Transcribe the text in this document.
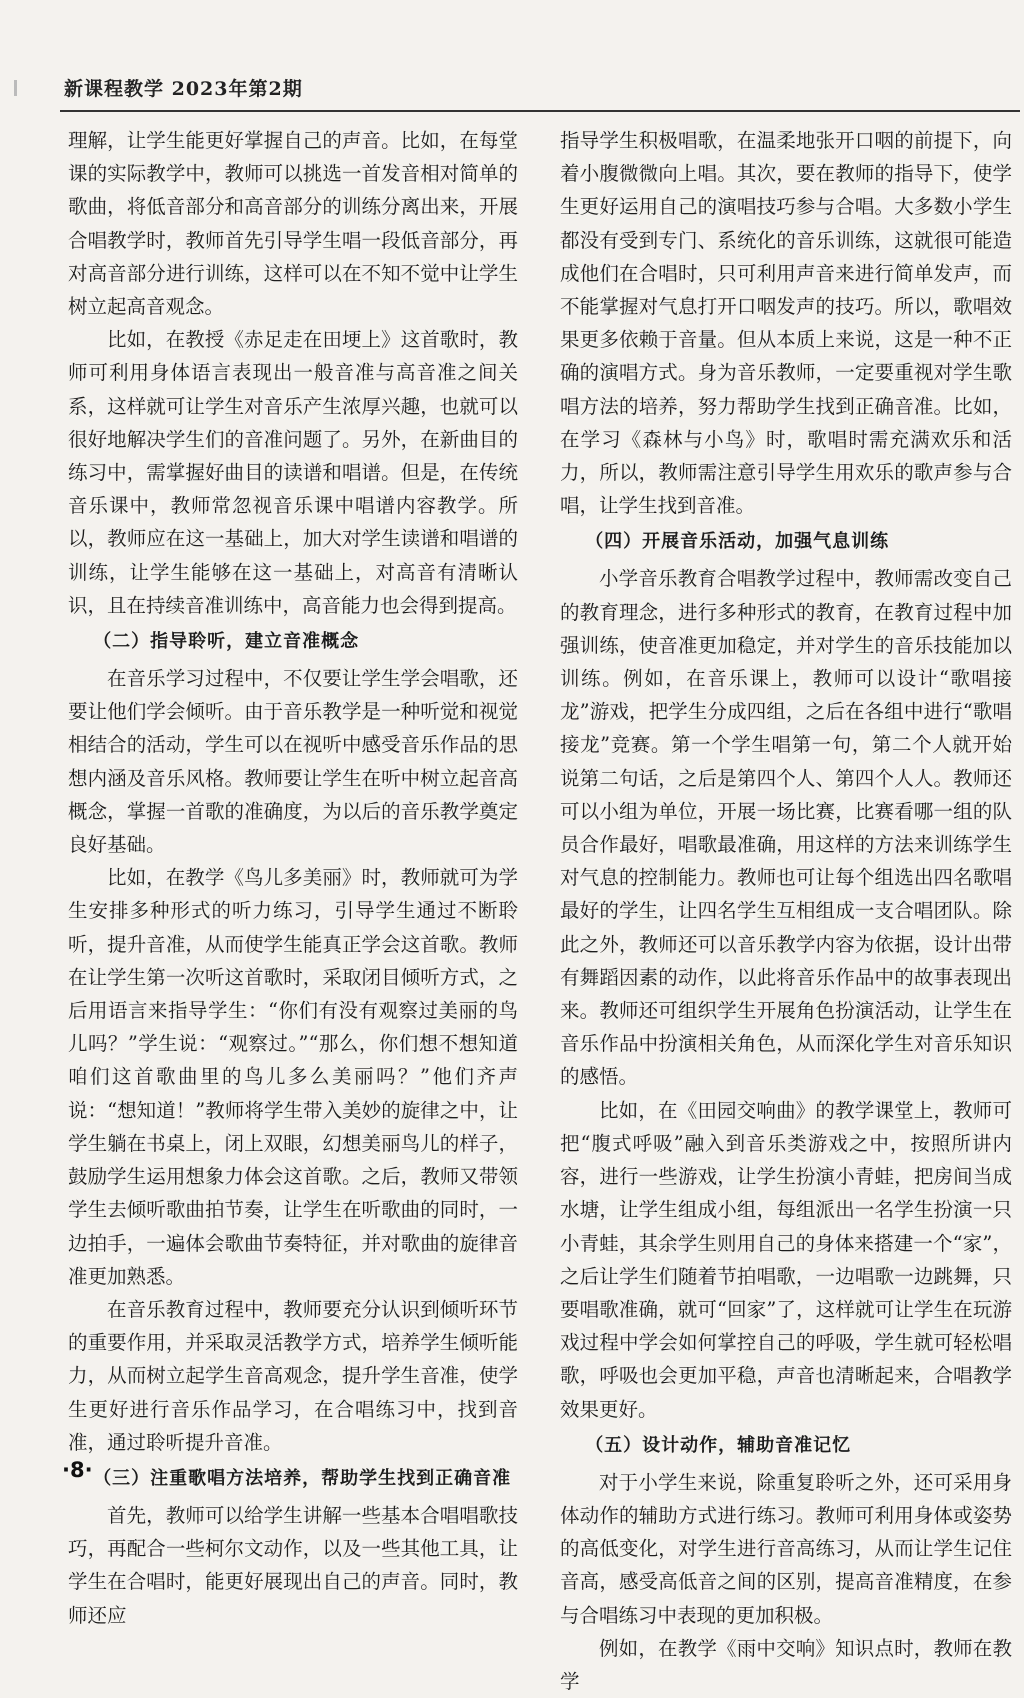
新课程教学 2023年第2期

理解，让学生能更好掌握自己的声音。比如，在每堂课的实际教学中，教师可以挑选一首发音相对简单的歌曲，将低音部分和高音部分的训练分离出来，开展合唱教学时，教师首先引导学生唱一段低音部分，再对高音部分进行训练，这样可以在不知不觉中让学生树立起高音观念。

比如，在教授《赤足走在田埂上》这首歌时，教师可利用身体语言表现出一般音准与高音准之间关系，这样就可让学生对音乐产生浓厚兴趣，也就可以很好地解决学生们的音准问题了。另外，在新曲目的练习中，需掌握好曲目的读谱和唱谱。但是，在传统音乐课中，教师常忽视音乐课中唱谱内容教学。所以，教师应在这一基础上，加大对学生读谱和唱谱的训练，让学生能够在这一基础上，对高音有清晰认识，且在持续音准训练中，高音能力也会得到提高。

（二）指导聆听，建立音准概念

在音乐学习过程中，不仅要让学生学会唱歌，还要让他们学会倾听。由于音乐教学是一种听觉和视觉相结合的活动，学生可以在视听中感受音乐作品的思想内涵及音乐风格。教师要让学生在听中树立起音高概念，掌握一首歌的准确度，为以后的音乐教学奠定良好基础。

比如，在教学《鸟儿多美丽》时，教师就可为学生安排多种形式的听力练习，引导学生通过不断聆听，提升音准，从而使学生能真正学会这首歌。教师在让学生第一次听这首歌时，采取闭目倾听方式，之后用语言来指导学生：“你们有没有观察过美丽的鸟儿吗？”学生说：“观察过。”“那么，你们想不想知道咱们这首歌曲里的鸟儿多么美丽吗？”他们齐声说：“想知道！”教师将学生带入美妙的旋律之中，让学生躺在书桌上，闭上双眼，幻想美丽鸟儿的样子，鼓励学生运用想象力体会这首歌。之后，教师又带领学生去倾听歌曲拍节奏，让学生在听歌曲的同时，一边拍手，一遍体会歌曲节奏特征，并对歌曲的旋律音准更加熟悉。

在音乐教育过程中，教师要充分认识到倾听环节的重要作用，并采取灵活教学方式，培养学生倾听能力，从而树立起学生音高观念，提升学生音准，使学生更好进行音乐作品学习，在合唱练习中，找到音准，通过聆听提升音准。

（三）注重歌唱方法培养，帮助学生找到正确音准

首先，教师可以给学生讲解一些基本合唱唱歌技巧，再配合一些柯尔文动作，以及一些其他工具，让学生在合唱时，能更好展现出自己的声音。同时，教师还应

指导学生积极唱歌，在温柔地张开口咽的前提下，向着小腹微微向上唱。其次，要在教师的指导下，使学生更好运用自己的演唱技巧参与合唱。大多数小学生都没有受到专门、系统化的音乐训练，这就很可能造成他们在合唱时，只可利用声音来进行简单发声，而不能掌握对气息打开口咽发声的技巧。所以，歌唱效果更多依赖于音量。但从本质上来说，这是一种不正确的演唱方式。身为音乐教师，一定要重视对学生歌唱方法的培养，努力帮助学生找到正确音准。比如，在学习《森林与小鸟》时，歌唱时需充满欢乐和活力，所以，教师需注意引导学生用欢乐的歌声参与合唱，让学生找到音准。

（四）开展音乐活动，加强气息训练

小学音乐教育合唱教学过程中，教师需改变自己的教育理念，进行多种形式的教育，在教育过程中加强训练，使音准更加稳定，并对学生的音乐技能加以训练。例如，在音乐课上，教师可以设计“歌唱接龙”游戏，把学生分成四组，之后在各组中进行“歌唱接龙”竞赛。第一个学生唱第一句，第二个人就开始说第二句话，之后是第四个人、第四个人人。教师还可以小组为单位，开展一场比赛，比赛看哪一组的队员合作最好，唱歌最准确，用这样的方法来训练学生对气息的控制能力。教师也可让每个组选出四名歌唱最好的学生，让四名学生互相组成一支合唱团队。除此之外，教师还可以音乐教学内容为依据，设计出带有舞蹈因素的动作，以此将音乐作品中的故事表现出来。教师还可组织学生开展角色扮演活动，让学生在音乐作品中扮演相关角色，从而深化学生对音乐知识的感悟。

比如，在《田园交响曲》的教学课堂上，教师可把“腹式呼吸”融入到音乐类游戏之中，按照所讲内容，进行一些游戏，让学生扮演小青蛙，把房间当成水塘，让学生组成小组，每组派出一名学生扮演一只小青蛙，其余学生则用自己的身体来搭建一个“家”，之后让学生们随着节拍唱歌，一边唱歌一边跳舞，只要唱歌准确，就可“回家”了，这样就可让学生在玩游戏过程中学会如何掌控自己的呼吸，学生就可轻松唱歌，呼吸也会更加平稳，声音也清晰起来，合唱教学效果更好。

（五）设计动作，辅助音准记忆

对于小学生来说，除重复聆听之外，还可采用身体动作的辅助方式进行练习。教师可利用身体或姿势的高低变化，对学生进行音高练习，从而让学生记住音高，感受高低音之间的区别，提高音准精度，在参与合唱练习中表现的更加积极。

例如，在教学《雨中交响》知识点时，教师在教学

·8·
